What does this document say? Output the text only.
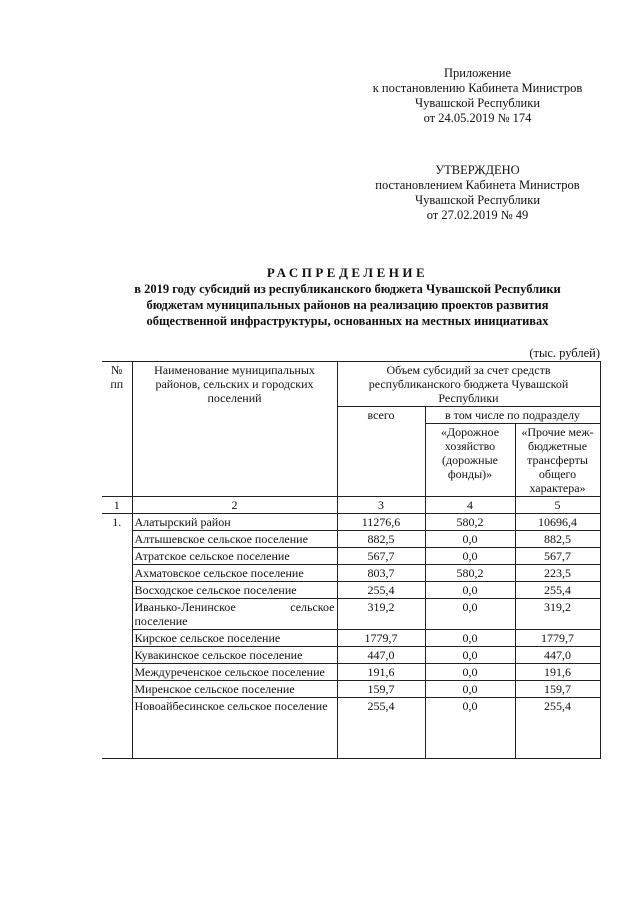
Приложение
к постановлению Кабинета Министров
Чувашской Республики
от 24.05.2019 № 174
УТВЕРЖДЕНО
постановлением Кабинета Министров
Чувашской Республики
от 27.02.2019 № 49
РАСПРЕДЕЛЕНИЕ
в 2019 году субсидий из республиканского бюджета Чувашской Республики
бюджетам муниципальных районов на реализацию проектов развития
общественной инфраструктуры, основанных на местных инициативах
(тыс. рублей)
№ пп	Наименование муниципальных районов, сельских и городских поселений	Объем субсидий за счет средств республиканского бюджета Чувашской Республики		
		всего	в том числе по подразделу	
			«Дорожное хозяйство (дорожные фонды)»	«Прочие меж-бюджетные трансферты общего характера»
1	2	3	4	5
1.	Алатырский район	11276,6	580,2	10696,4
	Алтышевское сельское поселение	882,5	0,0	882,5
	Атратское сельское поселение	567,7	0,0	567,7
	Ахматовское сельское поселение	803,7	580,2	223,5
	Восходское сельское поселение	255,4	0,0	255,4
	Иванько-Ленинское сельское поселение	319,2	0,0	319,2
	Кирское сельское поселение	1779,7	0,0	1779,7
	Кувакинское сельское поселение	447,0	0,0	447,0
	Междуреченское сельское поселение	191,6	0,0	191,6
	Миренское сельское поселение	159,7	0,0	159,7
	Новоайбесинское сельское поселение	255,4	0,0	255,4
